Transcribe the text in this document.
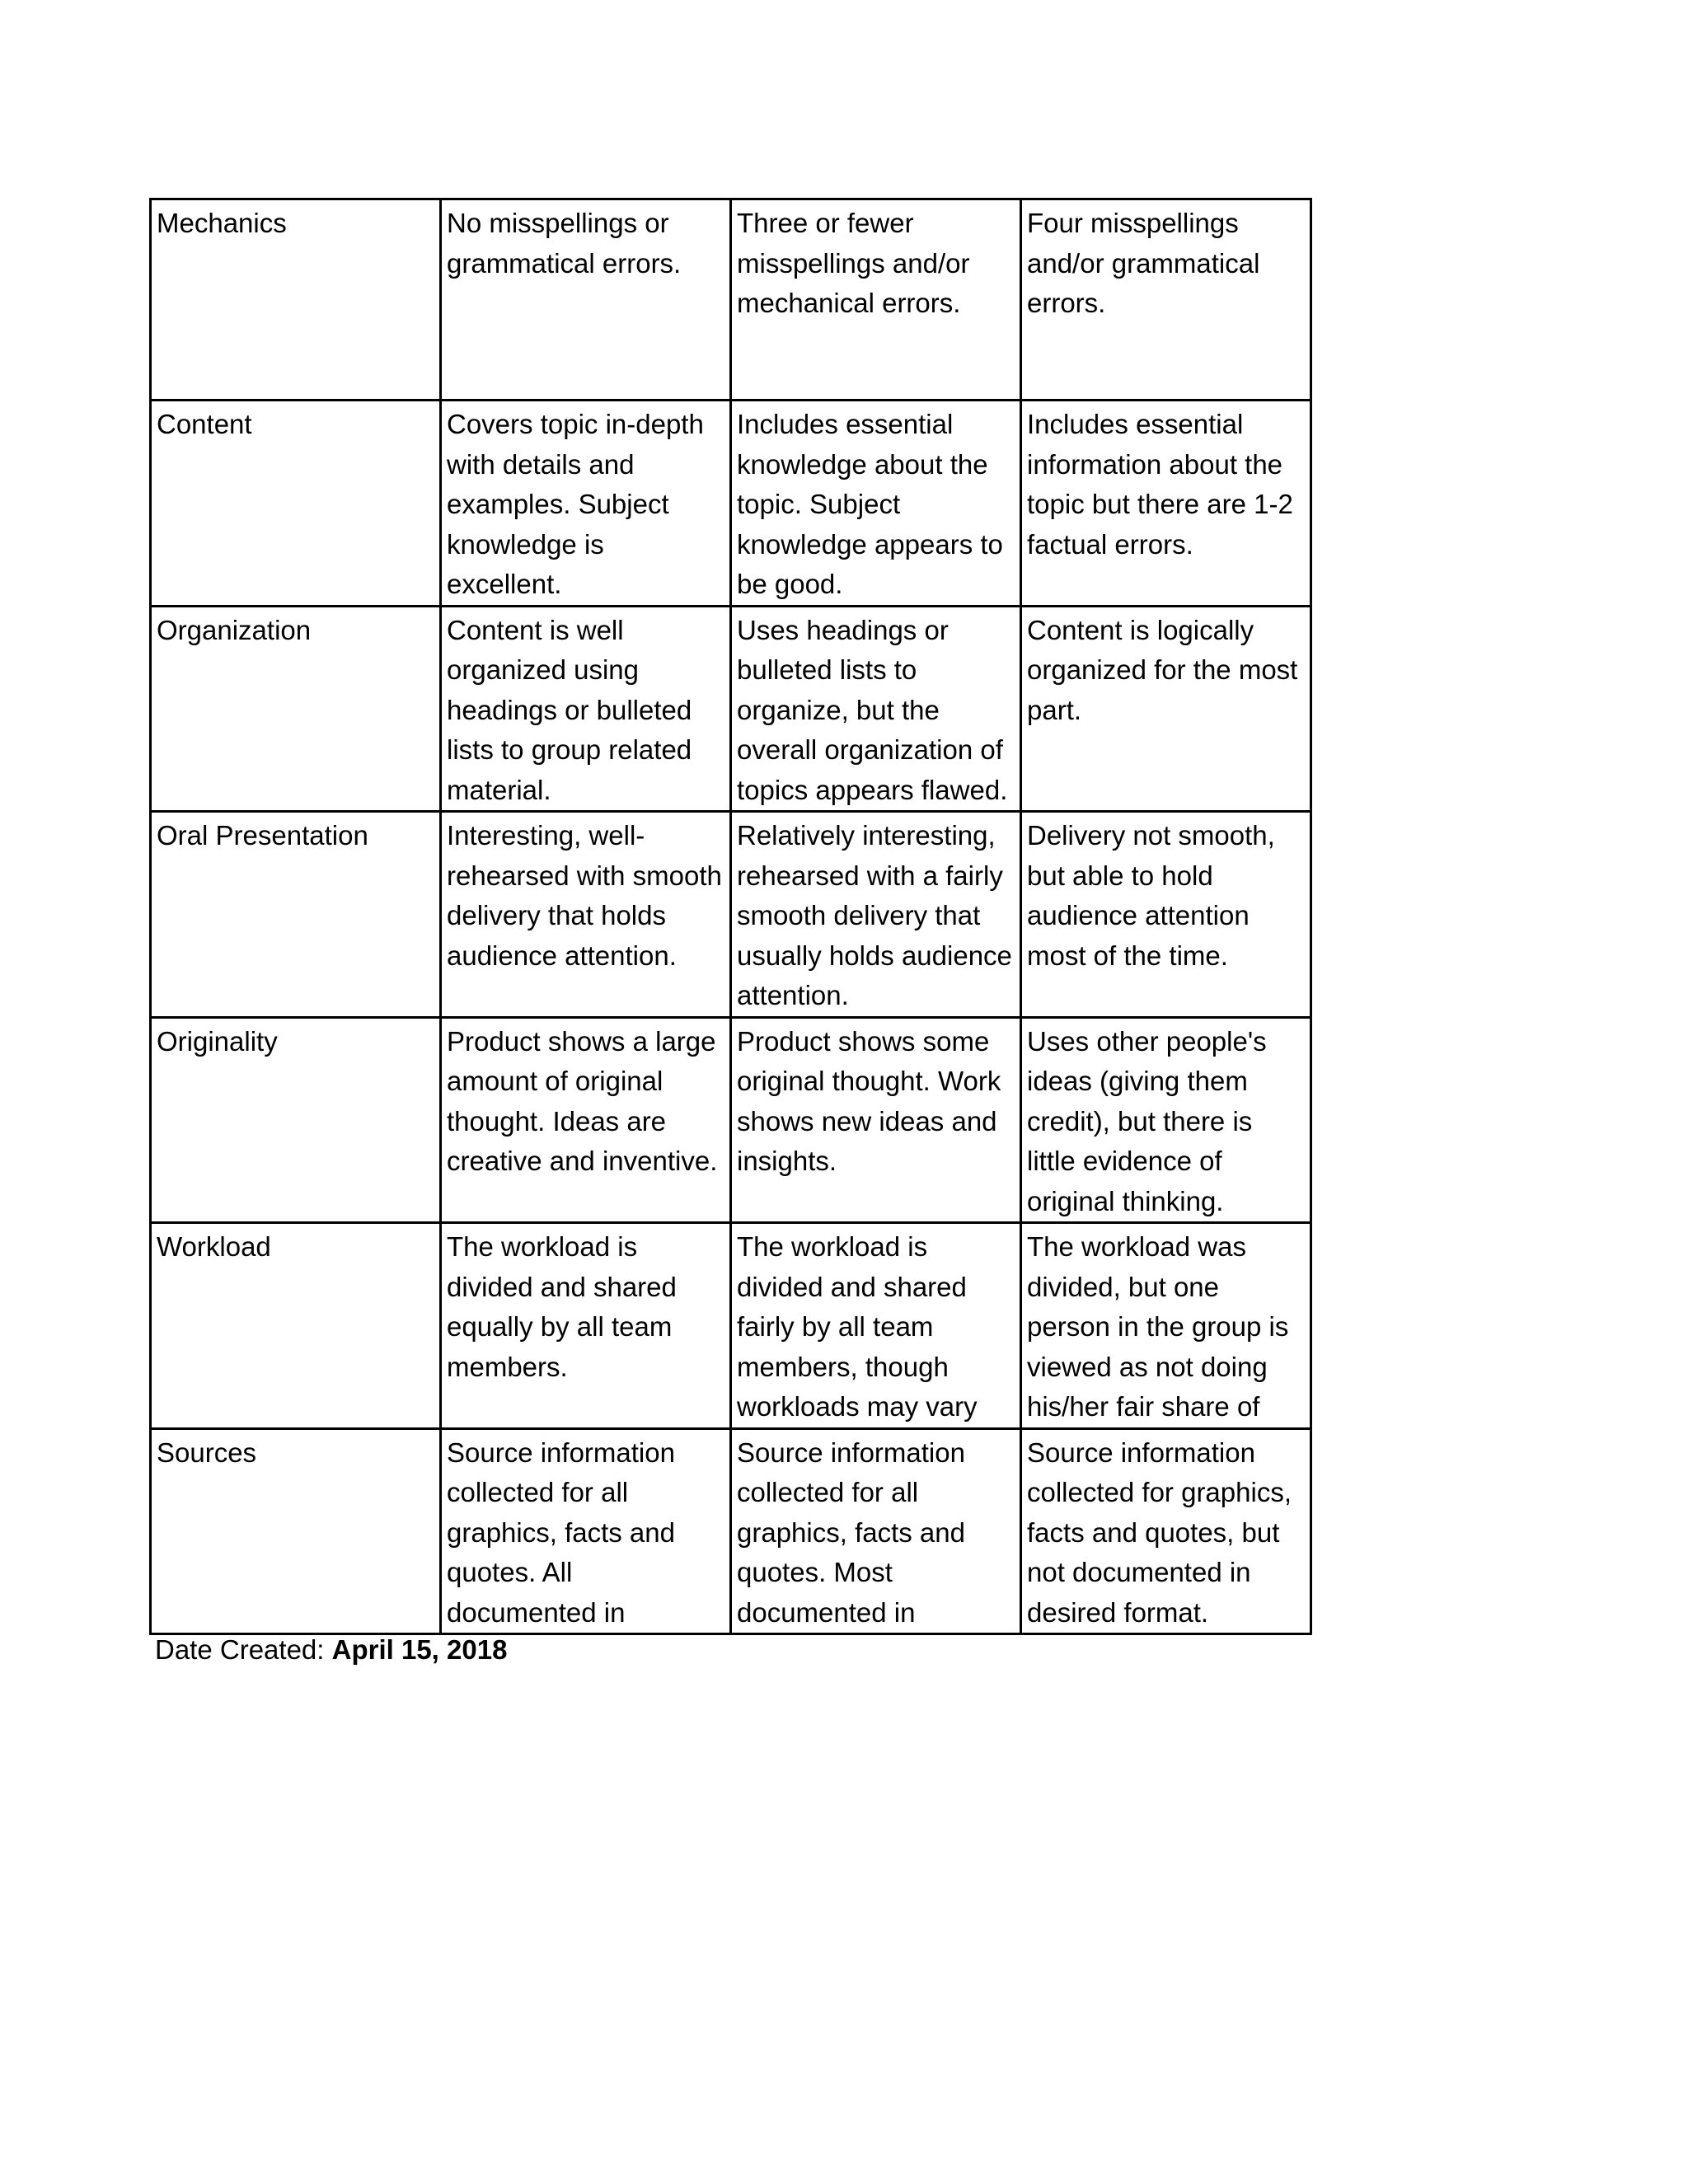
Mechanics	No misspellings or grammatical errors.	Three or fewer misspellings and/or mechanical errors.	Four misspellings and/or grammatical errors.
Content	Covers topic in-depth with details and examples. Subject knowledge is excellent.	Includes essential knowledge about the topic. Subject knowledge appears to be good.	Includes essential information about the topic but there are 1-2 factual errors.
Organization	Content is well organized using headings or bulleted lists to group related material.	Uses headings or bulleted lists to organize, but the overall organization of topics appears flawed.	Content is logically organized for the most part.
Oral Presentation	Interesting, well-rehearsed with smooth delivery that holds audience attention.	Relatively interesting, rehearsed with a fairly smooth delivery that usually holds audience attention.	Delivery not smooth, but able to hold audience attention most of the time.
Originality	Product shows a large amount of original thought. Ideas are creative and inventive.	Product shows some original thought. Work shows new ideas and insights.	Uses other people's ideas (giving them credit), but there is little evidence of original thinking.
Workload	The workload is divided and shared equally by all team members.	The workload is divided and shared fairly by all team members, though workloads may vary	The workload was divided, but one person in the group is viewed as not doing his/her fair share of
Sources	Source information collected for all graphics, facts and quotes. All documented in	Source information collected for all graphics, facts and quotes. Most documented in	Source information collected for graphics, facts and quotes, but not documented in desired format.
Date Created: April 15, 2018
